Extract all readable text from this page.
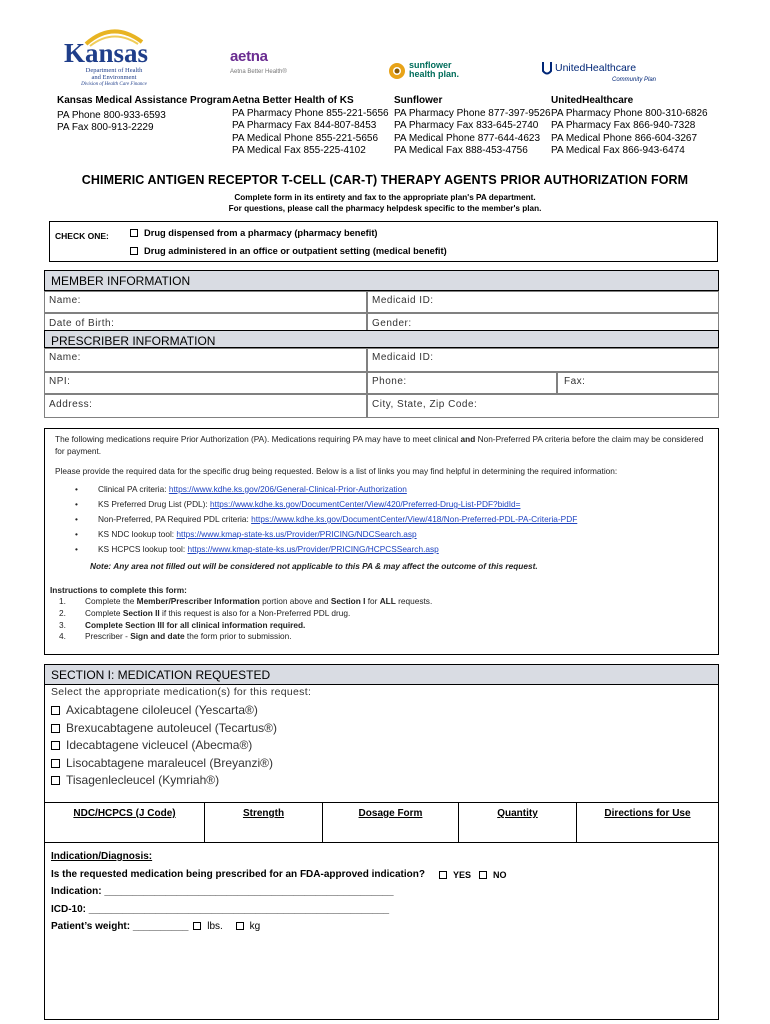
Kansas
Department of Health
and Environment
Division of Health Care Finance
aetna
Aetna Better Health®
sunflower
health plan.	UnitedHealthcare
Community Plan
Kansas Medical Assistance Program
PA Phone 800-933-6593
PA Fax 800-913-2229
Aetna Better Health of KS
PA Pharmacy Phone 855-221-5656
PA Pharmacy Fax 844-807-8453
PA Medical Phone 855-221-5656
PA Medical Fax 855-225-4102
Sunflower
PA Pharmacy Phone 877-397-9526
PA Pharmacy Fax 833-645-2740
PA Medical Phone 877-644-4623
PA Medical Fax 888-453-4756
UnitedHealthcare
PA Pharmacy Phone 800-310-6826
PA Pharmacy Fax 866-940-7328
PA Medical Phone 866-604-3267
PA Medical Fax 866-943-6474
CHIMERIC ANTIGEN RECEPTOR T-CELL (CAR-T) THERAPY AGENTS PRIOR AUTHORIZATION FORM
Complete form in its entirety and fax to the appropriate plan's PA department.
For questions, please call the pharmacy helpdesk specific to the member's plan.
CHECK ONE:	Drug dispensed from a pharmacy (pharmacy benefit)
Drug administered in an office or outpatient setting (medical benefit)
MEMBER INFORMATION
Name:	Medicaid ID:
Date of Birth:	Gender:
PRESCRIBER INFORMATION
Name:	Medicaid ID:
NPI:	Phone:	Fax:
Address:	City, State, Zip Code:
The following medications require Prior Authorization (PA). Medications requiring PA may have to meet clinical and Non-Preferred PA criteria before the claim may be considered for payment.
Please provide the required data for the specific drug being requested. Below is a list of links you may find helpful in determining the required information:
• Clinical PA criteria: https://www.kdhe.ks.gov/206/General-Clinical-Prior-Authorization
• KS Preferred Drug List (PDL): https://www.kdhe.ks.gov/DocumentCenter/View/420/Preferred-Drug-List-PDF?bidId=
• Non-Preferred, PA Required PDL criteria: https://www.kdhe.ks.gov/DocumentCenter/View/418/Non-Preferred-PDL-PA-Criteria-PDF
• KS NDC lookup tool: https://www.kmap-state-ks.us/Provider/PRICING/NDCSearch.asp
• KS HCPCS lookup tool: https://www.kmap-state-ks.us/Provider/PRICING/HCPCSSearch.asp
Note: Any area not filled out will be considered not applicable to this PA & may affect the outcome of this request.
Instructions to complete this form:
1. Complete the Member/Prescriber Information portion above and Section I for ALL requests.
2. Complete Section II if this request is also for a Non-Preferred PDL drug.
3. Complete Section III for all clinical information required.
4. Prescriber - Sign and date the form prior to submission.
SECTION I: MEDICATION REQUESTED
Select the appropriate medication(s) for this request:
Axicabtagene ciloleucel (Yescarta®)
Brexucabtagene autoleucel (Tecartus®)
Idecabtagene vicleucel (Abecma®)
Lisocabtagene maraleucel (Breyanzi®)
Tisagenlecleucel (Kymriah®)
NDC/HCPCS (J Code)	Strength	Dosage Form	Quantity	Directions for Use
Indication/Diagnosis:
Is the requested medication being prescribed for an FDA-approved indication?	YES	NO
Indication: ____________________________________________________
ICD-10: ______________________________________________________
Patient’s weight: __________ lbs.	kg
